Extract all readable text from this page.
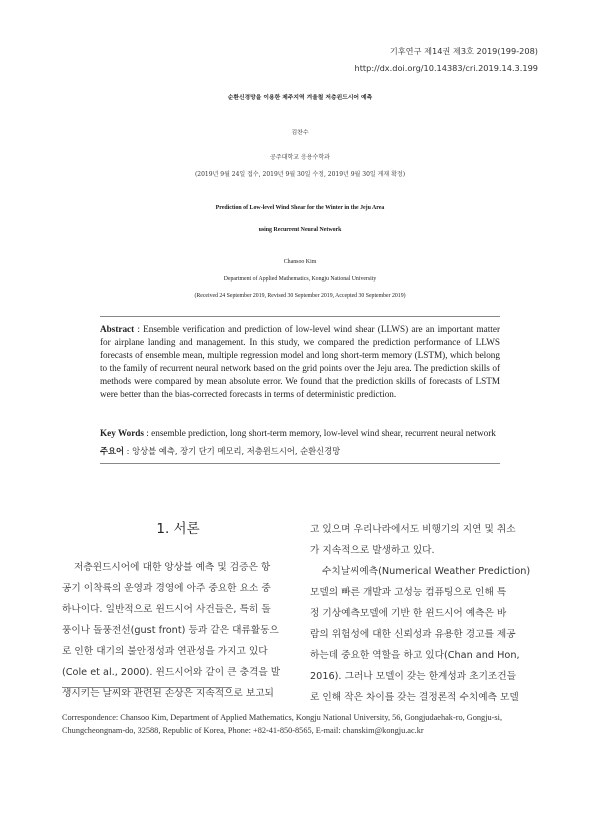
기후연구 제14권 제3호 2019(199-208)
http://dx.doi.org/10.14383/cri.2019.14.3.199
순환신경망을 이용한 제주지역 겨울철 저층윈드시어 예측
김찬수
공주대학교 응용수학과
(2019년 9월 24일 접수, 2019년 9월 30일 수정, 2019년 9월 30일 게재 확정)
Prediction of Low-level Wind Shear for the Winter in the Jeju Area
using Recurrent Neural Network
Chansoo Kim
Department of Applied Mathematics, Kongju National University
(Received 24 September 2019, Revised 30 September 2019, Accepted 30 September 2019)
Abstract : Ensemble verification and prediction of low-level wind shear (LLWS) are an important matter for airplane landing and management. In this study, we compared the prediction performance of LLWS forecasts of ensemble mean, multiple regression model and long short-term memory (LSTM), which belong to the family of recurrent neural network based on the grid points over the Jeju area. The prediction skills of methods were compared by mean absolute error. We found that the prediction skills of forecasts of LSTM were better than the bias-corrected forecasts in terms of deterministic prediction.
Key Words : ensemble prediction, long short-term memory, low-level wind shear, recurrent neural network
주요어 : 앙상블 예측, 장기 단기 메모리, 저층윈드시어, 순환신경망
1. 서론
저층윈드시어에 대한 앙상블 예측 및 검증은 항
공기 이착륙의 운영과 경영에 아주 중요한 요소 중
하나이다. 일반적으로 윈드시어 사건들은, 특히 돌
풍이나 돌풍전선(gust front) 등과 같은 대류활동으
로 인한 대기의 불안정성과 연관성을 가지고 있다
(Cole et al., 2000). 윈드시어와 같이 큰 충격을 발
생시키는 날씨와 관련된 손상은 지속적으로 보고되
고 있으며 우리나라에서도 비행기의 지연 및 취소
가 지속적으로 발생하고 있다.
수치날씨예측(Numerical Weather Prediction)
모델의 빠른 개발과 고성능 컴퓨팅으로 인해 특
정 기상예측모델에 기반 한 윈드시어 예측은 바
람의 위험성에 대한 신뢰성과 유용한 경고를 제공
하는데 중요한 역할을 하고 있다(Chan and Hon,
2016). 그러나 모델이 갖는 한계성과 초기조건들
로 인해 작은 차이를 갖는 결정론적 수치예측 모델
Correspondence: Chansoo Kim, Department of Applied Mathematics, Kongju National University, 56, Gongjudaehak-ro, Gongju-si, Chungcheongnam-do, 32588, Republic of Korea, Phone: +82-41-850-8565, E-mail: chanskim@kongju.ac.kr
